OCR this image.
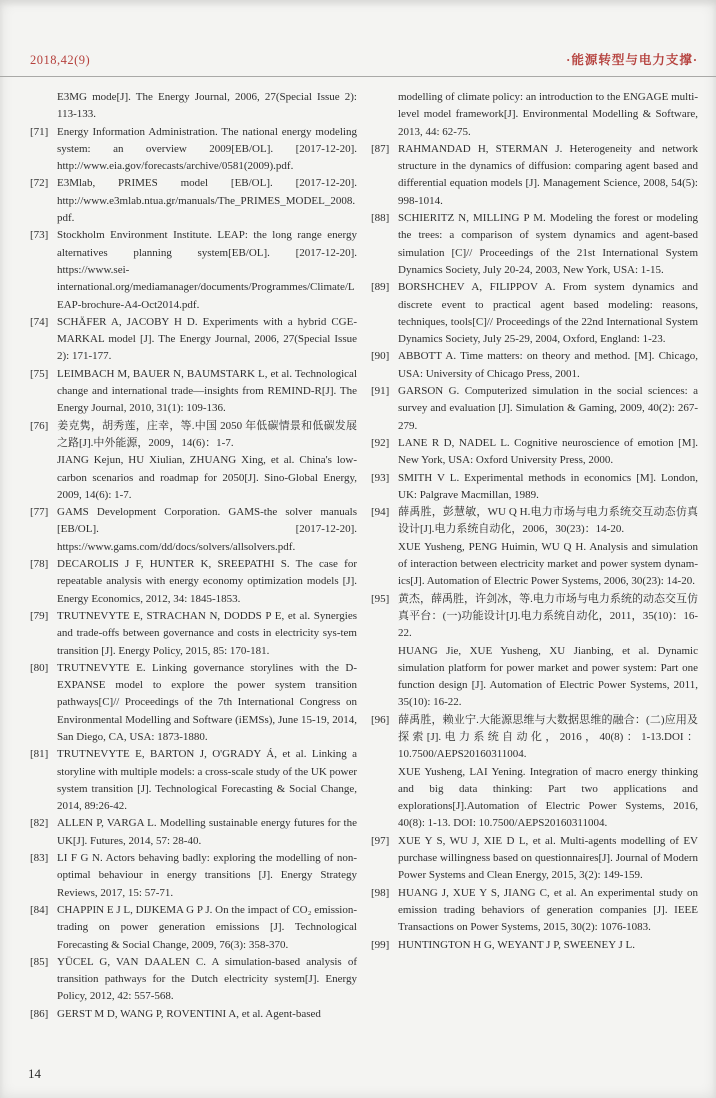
2018,42(9)	·能源转型与电力支撑·

E3MG mode[J]. The Energy Journal, 2006, 27(Special Issue 2): 113-133.

[71] Energy Information Administration. The national energy modeling system: an overview 2009[EB/OL]. [2017-12-20]. http://www.eia.gov/forecasts/archive/0581(2009).pdf.

[72] E3Mlab, PRIMES model [EB/OL]. [2017-12-20]. http://www.e3mlab.ntua.gr/manuals/The_PRIMES_MODEL_2008.pdf.

[73] Stockholm Environment Institute. LEAP: the long range energy alternatives planning system[EB/OL]. [2017-12-20]. https://www.sei-international.org/mediamanager/documents/Programmes/Climate/LEAP-brochure-A4-Oct2014.pdf.

[74] SCHÄFER A, JACOBY H D. Experiments with a hybrid CGE-MARKAL model [J]. The Energy Journal, 2006, 27(Special Issue 2): 171-177.

[75] LEIMBACH M, BAUER N, BAUMSTARK L, et al. Technological change and international trade—insights from REMIND-R[J]. The Energy Journal, 2010, 31(1): 109-136.

[76] 姜克隽，胡秀莲，庄幸，等.中国 2050 年低碳情景和低碳发展之路[J].中外能源，2009，14(6)：1-7.

JIANG Kejun, HU Xiulian, ZHUANG Xing, et al. China's low-carbon scenarios and roadmap for 2050[J]. Sino-Global Energy, 2009, 14(6): 1-7.

[77] GAMS Development Corporation. GAMS-the solver manuals [EB/OL]. [2017-12-20]. https://www.gams.com/dd/docs/solvers/allsolvers.pdf.

[78] DECAROLIS J F, HUNTER K, SREEPATHI S. The case for repeatable analysis with energy economy optimization models [J]. Energy Economics, 2012, 34: 1845-1853.

[79] TRUTNEVYTE E, STRACHAN N, DODDS P E, et al. Synergies and trade-offs between governance and costs in electricity sys-tem transition [J]. Energy Policy, 2015, 85: 170-181.

[80] TRUTNEVYTE E. Linking governance storylines with the D-EXPANSE model to explore the power system transition pathways[C]// Proceedings of the 7th International Congress on Environmental Modelling and Software (iEMSs), June 15-19, 2014, San Diego, CA, USA: 1873-1880.

[81] TRUTNEVYTE E, BARTON J, O'GRADY Á, et al. Linking a storyline with multiple models: a cross-scale study of the UK power system transition [J]. Technological Forecasting & Social Change, 2014, 89:26-42.

[82] ALLEN P, VARGA L. Modelling sustainable energy futures for the UK[J]. Futures, 2014, 57: 28-40.

[83] LI F G N. Actors behaving badly: exploring the modelling of non-optimal behaviour in energy transitions [J]. Energy Strategy Reviews, 2017, 15: 57-71.

[84] CHAPPIN E J L, DIJKEMA G P J. On the impact of CO₂ emission-trading on power generation emissions [J]. Technological Forecasting & Social Change, 2009, 76(3): 358-370.

[85] YÜCEL G, VAN DAALEN C. A simulation-based analysis of transition pathways for the Dutch electricity system[J]. Energy Policy, 2012, 42: 557-568.

[86] GERST M D, WANG P, ROVENTINI A, et al. Agent-based

modelling of climate policy: an introduction to the ENGAGE multi-level model framework[J]. Environmental Modelling & Software, 2013, 44: 62-75.

[87] RAHMANDAD H, STERMAN J. Heterogeneity and network structure in the dynamics of diffusion: comparing agent based and differential equation models [J]. Management Science, 2008, 54(5): 998-1014.

[88] SCHIERITZ N, MILLING P M. Modeling the forest or modeling the trees: a comparison of system dynamics and agent-based simulation [C]// Proceedings of the 21st International System Dynamics Society, July 20-24, 2003, New York, USA: 1-15.

[89] BORSHCHEV A, FILIPPOV A. From system dynamics and discrete event to practical agent based modeling: reasons, techniques, tools[C]// Proceedings of the 22nd International System Dynamics Society, July 25-29, 2004, Oxford, England: 1-23.

[90] ABBOTT A. Time matters: on theory and method. [M]. Chicago, USA: University of Chicago Press, 2001.

[91] GARSON G. Computerized simulation in the social sciences: a survey and evaluation [J]. Simulation & Gaming, 2009, 40(2): 267-279.

[92] LANE R D, NADEL L. Cognitive neuroscience of emotion [M]. New York, USA: Oxford University Press, 2000.

[93] SMITH V L. Experimental methods in economics [M]. London, UK: Palgrave Macmillan, 1989.

[94] 薛禹胜，彭慧敏，WU Q H.电力市场与电力系统交互动态仿真设计[J].电力系统自动化，2006，30(23)：14-20.

XUE Yusheng, PENG Huimin, WU Q H. Analysis and simulation of interaction between electricity market and power system dynam-ics[J]. Automation of Electric Power Systems, 2006, 30(23): 14-20.

[95] 黄杰，薛禹胜，许剑冰，等.电力市场与电力系统的动态交互仿真平台：(一)功能设计[J].电力系统自动化，2011，35(10)：16-22.

HUANG Jie, XUE Yusheng, XU Jianbing, et al. Dynamic simulation platform for power market and power system: Part one function design [J]. Automation of Electric Power Systems, 2011, 35(10): 16-22.

[96] 薛禹胜，赖业宁.大能源思维与大数据思维的融合：(二)应用及探索[J].电力系统自动化，2016，40(8)：1-13.DOI：10.7500/AEPS20160311004.

XUE Yusheng, LAI Yening. Integration of macro energy thinking and big data thinking: Part two applications and explorations[J].Automation of Electric Power Systems, 2016, 40(8): 1-13. DOI: 10.7500/AEPS20160311004.

[97] XUE Y S, WU J, XIE D L, et al. Multi-agents modelling of EV purchase willingness based on questionnaires[J]. Journal of Modern Power Systems and Clean Energy, 2015, 3(2): 149-159.

[98] HUANG J, XUE Y S, JIANG C, et al. An experimental study on emission trading behaviors of generation companies [J]. IEEE Transactions on Power Systems, 2015, 30(2): 1076-1083.

[99] HUNTINGTON H G, WEYANT J P, SWEENEY J L.

14
